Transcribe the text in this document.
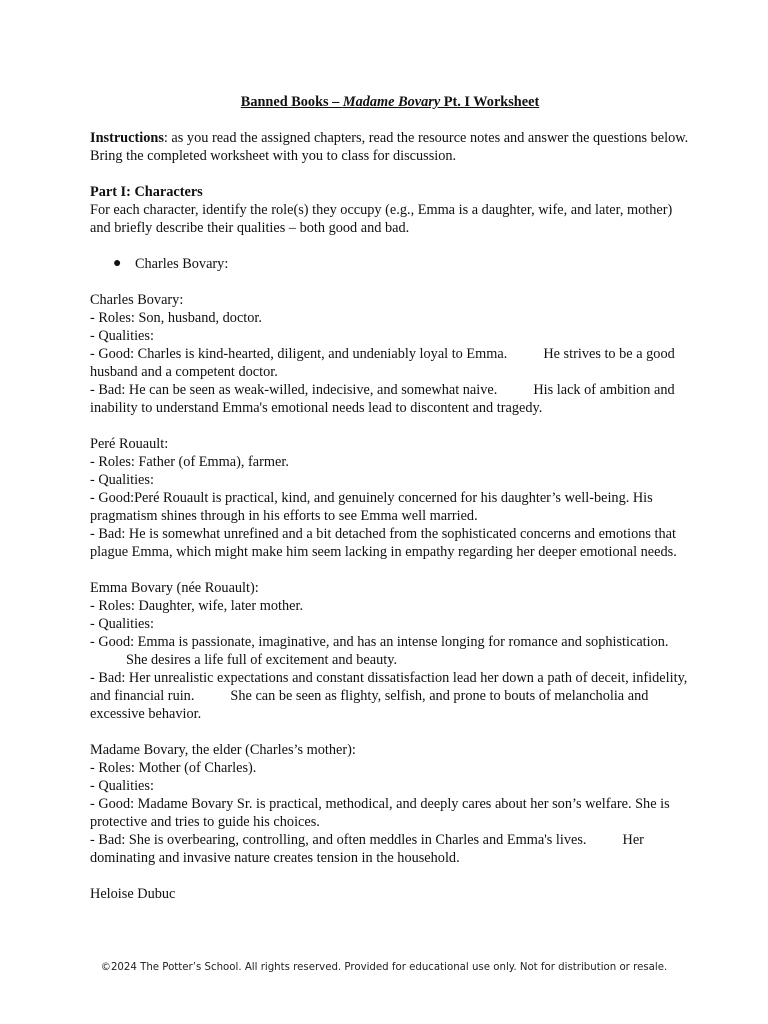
Banned Books – Madame Bovary Pt. I Worksheet

Instructions: as you read the assigned chapters, read the resource notes and answer the questions below. Bring the completed worksheet with you to class for discussion.

Part I: Characters

For each character, identify the role(s) they occupy (e.g., Emma is a daughter, wife, and later, mother) and briefly describe their qualities – both good and bad.

● Charles Bovary:

Charles Bovary:

- Roles: Son, husband, doctor.

- Qualities:

- Good: Charles is kind-hearted, diligent, and undeniably loyal to Emma.	He strives to be a good husband and a competent doctor.

- Bad: He can be seen as weak-willed, indecisive, and somewhat naive.	His lack of ambition and inability to understand Emma's emotional needs lead to discontent and tragedy.

Peré Rouault:

- Roles: Father (of Emma), farmer.

- Qualities:

- Good:Peré Rouault is practical, kind, and genuinely concerned for his daughter’s well-being. His pragmatism shines through in his efforts to see Emma well married.

- Bad: He is somewhat unrefined and a bit detached from the sophisticated concerns and emotions that plague Emma, which might make him seem lacking in empathy regarding her deeper emotional needs.

Emma Bovary (née Rouault):

- Roles: Daughter, wife, later mother.

- Qualities:

- Good: Emma is passionate, imaginative, and has an intense longing for romance and sophistication.She desires a life full of excitement and beauty.

- Bad: Her unrealistic expectations and constant dissatisfaction lead her down a path of deceit, infidelity, and financial ruin.	She can be seen as flighty, selfish, and prone to bouts of melancholia and excessive behavior.

Madame Bovary, the elder (Charles’s mother):

- Roles: Mother (of Charles).

- Qualities:

- Good: Madame Bovary Sr. is practical, methodical, and deeply cares about her son’s welfare. She is protective and tries to guide his choices.

- Bad: She is overbearing, controlling, and often meddles in Charles and Emma's lives.	Her dominating and invasive nature creates tension in the household.

Heloise Dubuc

©2024 The Potter’s School. All rights reserved. Provided for educational use only. Not for distribution or resale.
